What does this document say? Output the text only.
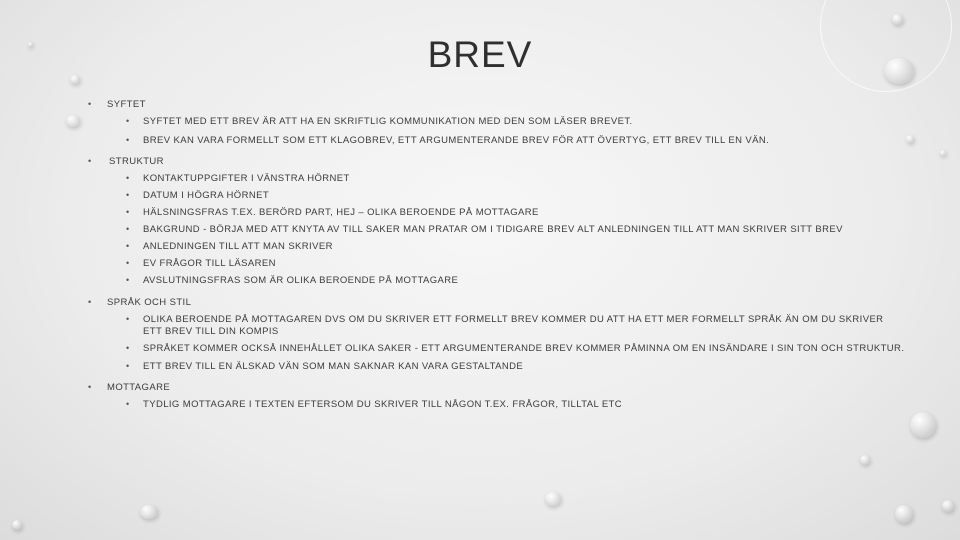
BREV
• SYFTET
• SYFTET MED ETT BREV ÄR ATT HA EN SKRIFTLIG KOMMUNIKATION MED DEN SOM LÄSER BREVET.
• BREV KAN VARA FORMELLT SOM ETT KLAGOBREV, ETT ARGUMENTERANDE BREV FÖR ATT ÖVERTYG, ETT BREV TILL EN VÄN.
• STRUKTUR
• KONTAKTUPPGIFTER I VÄNSTRA HÖRNET
• DATUM I HÖGRA HÖRNET
• HÄLSNINGSFRAS T.EX. BERÖRD PART, HEJ – OLIKA BEROENDE PÅ MOTTAGARE
• BAKGRUND - BÖRJA MED ATT KNYTA AV TILL SAKER MAN PRATAR OM I TIDIGARE BREV ALT ANLEDNINGEN TILL ATT MAN SKRIVER SITT BREV
• ANLEDNINGEN TILL ATT MAN SKRIVER
• EV FRÅGOR TILL LÄSAREN
• AVSLUTNINGSFRAS SOM ÄR OLIKA BEROENDE PÅ MOTTAGARE
• SPRÅK OCH STIL
• OLIKA BEROENDE PÅ MOTTAGAREN DVS OM DU SKRIVER ETT FORMELLT BREV KOMMER DU ATT HA ETT MER FORMELLT SPRÅK ÄN OM DU SKRIVER ETT BREV TILL DIN KOMPIS
• SPRÅKET KOMMER OCKSÅ INNEHÅLLET OLIKA SAKER - ETT ARGUMENTERANDE BREV KOMMER PÅMINNA OM EN INSÄNDARE I SIN TON OCH STRUKTUR.
• ETT BREV TILL EN ÄLSKAD VÄN SOM MAN SAKNAR KAN VARA GESTALTANDE
• MOTTAGARE
• TYDLIG MOTTAGARE I TEXTEN EFTERSOM DU SKRIVER TILL NÅGON T.EX. FRÅGOR, TILLTAL ETC
